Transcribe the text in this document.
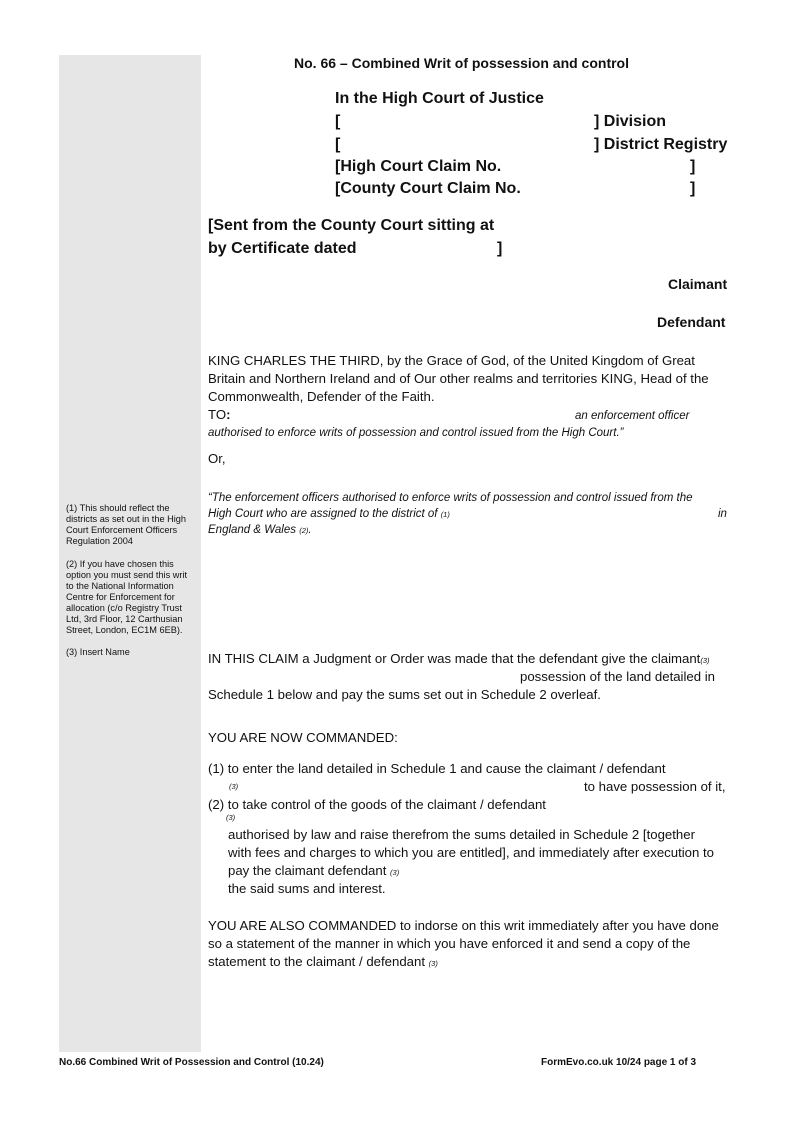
No. 66 – Combined Writ of possession and control
In the High Court of Justice
[	] Division
[	] District Registry
[High Court Claim No.	]
[County Court Claim No.	]
[Sent from the County Court sitting at
by Certificate dated	]
Claimant
Defendant
KING CHARLES THE THIRD, by the Grace of God, of the United Kingdom of Great
Britain and Northern Ireland and of Our other realms and territories KING, Head of the
Commonwealth, Defender of the Faith.
TO:	an enforcement officer
authorised to enforce writs of possession and control issued from the High Court.”
Or,
“The enforcement officers authorised to enforce writs of possession and control issued from the
High Court who are assigned to the district of (1)	in
England & Wales (2).
(1) This should reflect the
districts as set out in the High
Court Enforcement Officers
Regulation 2004
(2) If you have chosen this
option you must send this writ
to the National Information
Centre for Enforcement for
allocation (c/o Registry Trust
Ltd, 3rd Floor, 12 Carthusian
Street, London, EC1M 6EB).
(3) Insert Name	IN THIS CLAIM a Judgment or Order was made that the defendant give the claimant(3)
possession of the land detailed in
Schedule 1 below and pay the sums set out in Schedule 2 overleaf.
YOU ARE NOW COMMANDED:
(1) to enter the land detailed in Schedule 1 and cause the claimant / defendant
(3)	to have possession of it,
(2) to take control of the goods of the claimant / defendant
(3)
authorised by law and raise therefrom the sums detailed in Schedule 2 [together
with fees and charges to which you are entitled], and immediately after execution to
pay the claimant defendant (3)
the said sums and interest.
YOU ARE ALSO COMMANDED to indorse on this writ immediately after you have done
so a statement of the manner in which you have enforced it and send a copy of the
statement to the claimant / defendant (3)
No.66 Combined Writ of Possession and Control (10.24)	FormEvo.co.uk 10/24 page 1 of 3
